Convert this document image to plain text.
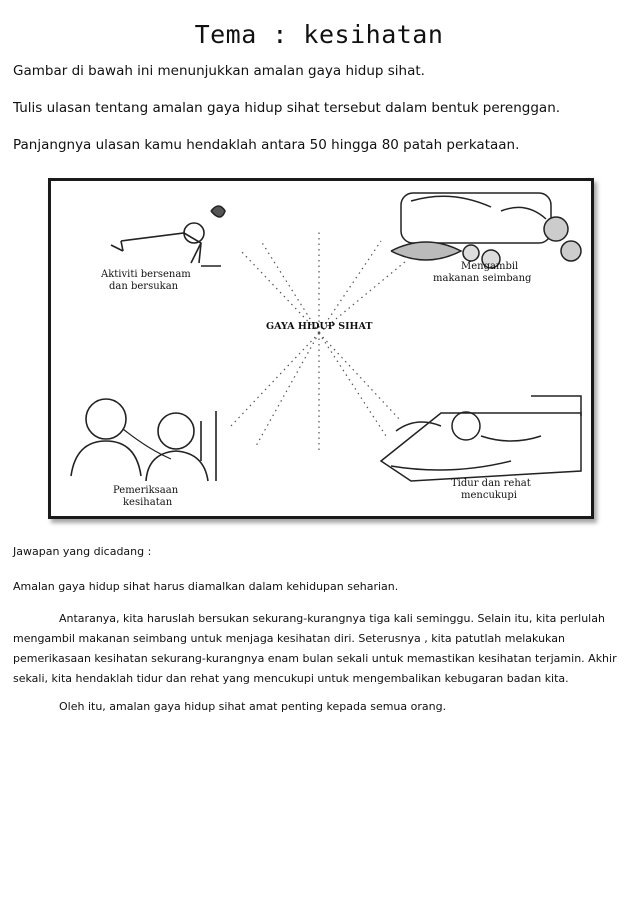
Tema : kesihatan
Gambar di bawah ini menunjukkan amalan gaya hidup sihat.
Tulis ulasan tentang amalan gaya hidup sihat tersebut dalam bentuk perenggan.
Panjangnya ulasan kamu hendaklah antara 50 hingga 80 patah perkataan.
Aktiviti bersenam
dan bersukan
Mengambil
makanan seimbang
Pemeriksaan
kesihatan
Tidur dan rehat
mencukupi
GAYA HIDUP SIHAT
Jawapan yang dicadang :
Amalan gaya hidup sihat harus diamalkan dalam kehidupan seharian.
Antaranya, kita haruslah bersukan sekurang-kurangnya tiga kali seminggu. Selain itu, kita perlulah mengambil makanan seimbang untuk menjaga kesihatan diri. Seterusnya , kita patutlah melakukan pemerikasaan kesihatan sekurang-kurangnya enam bulan sekali untuk memastikan kesihatan terjamin. Akhir sekali, kita hendaklah tidur dan rehat yang mencukupi untuk mengembalikan kebugaran badan kita.
Oleh itu, amalan gaya hidup sihat amat penting kepada semua orang.
